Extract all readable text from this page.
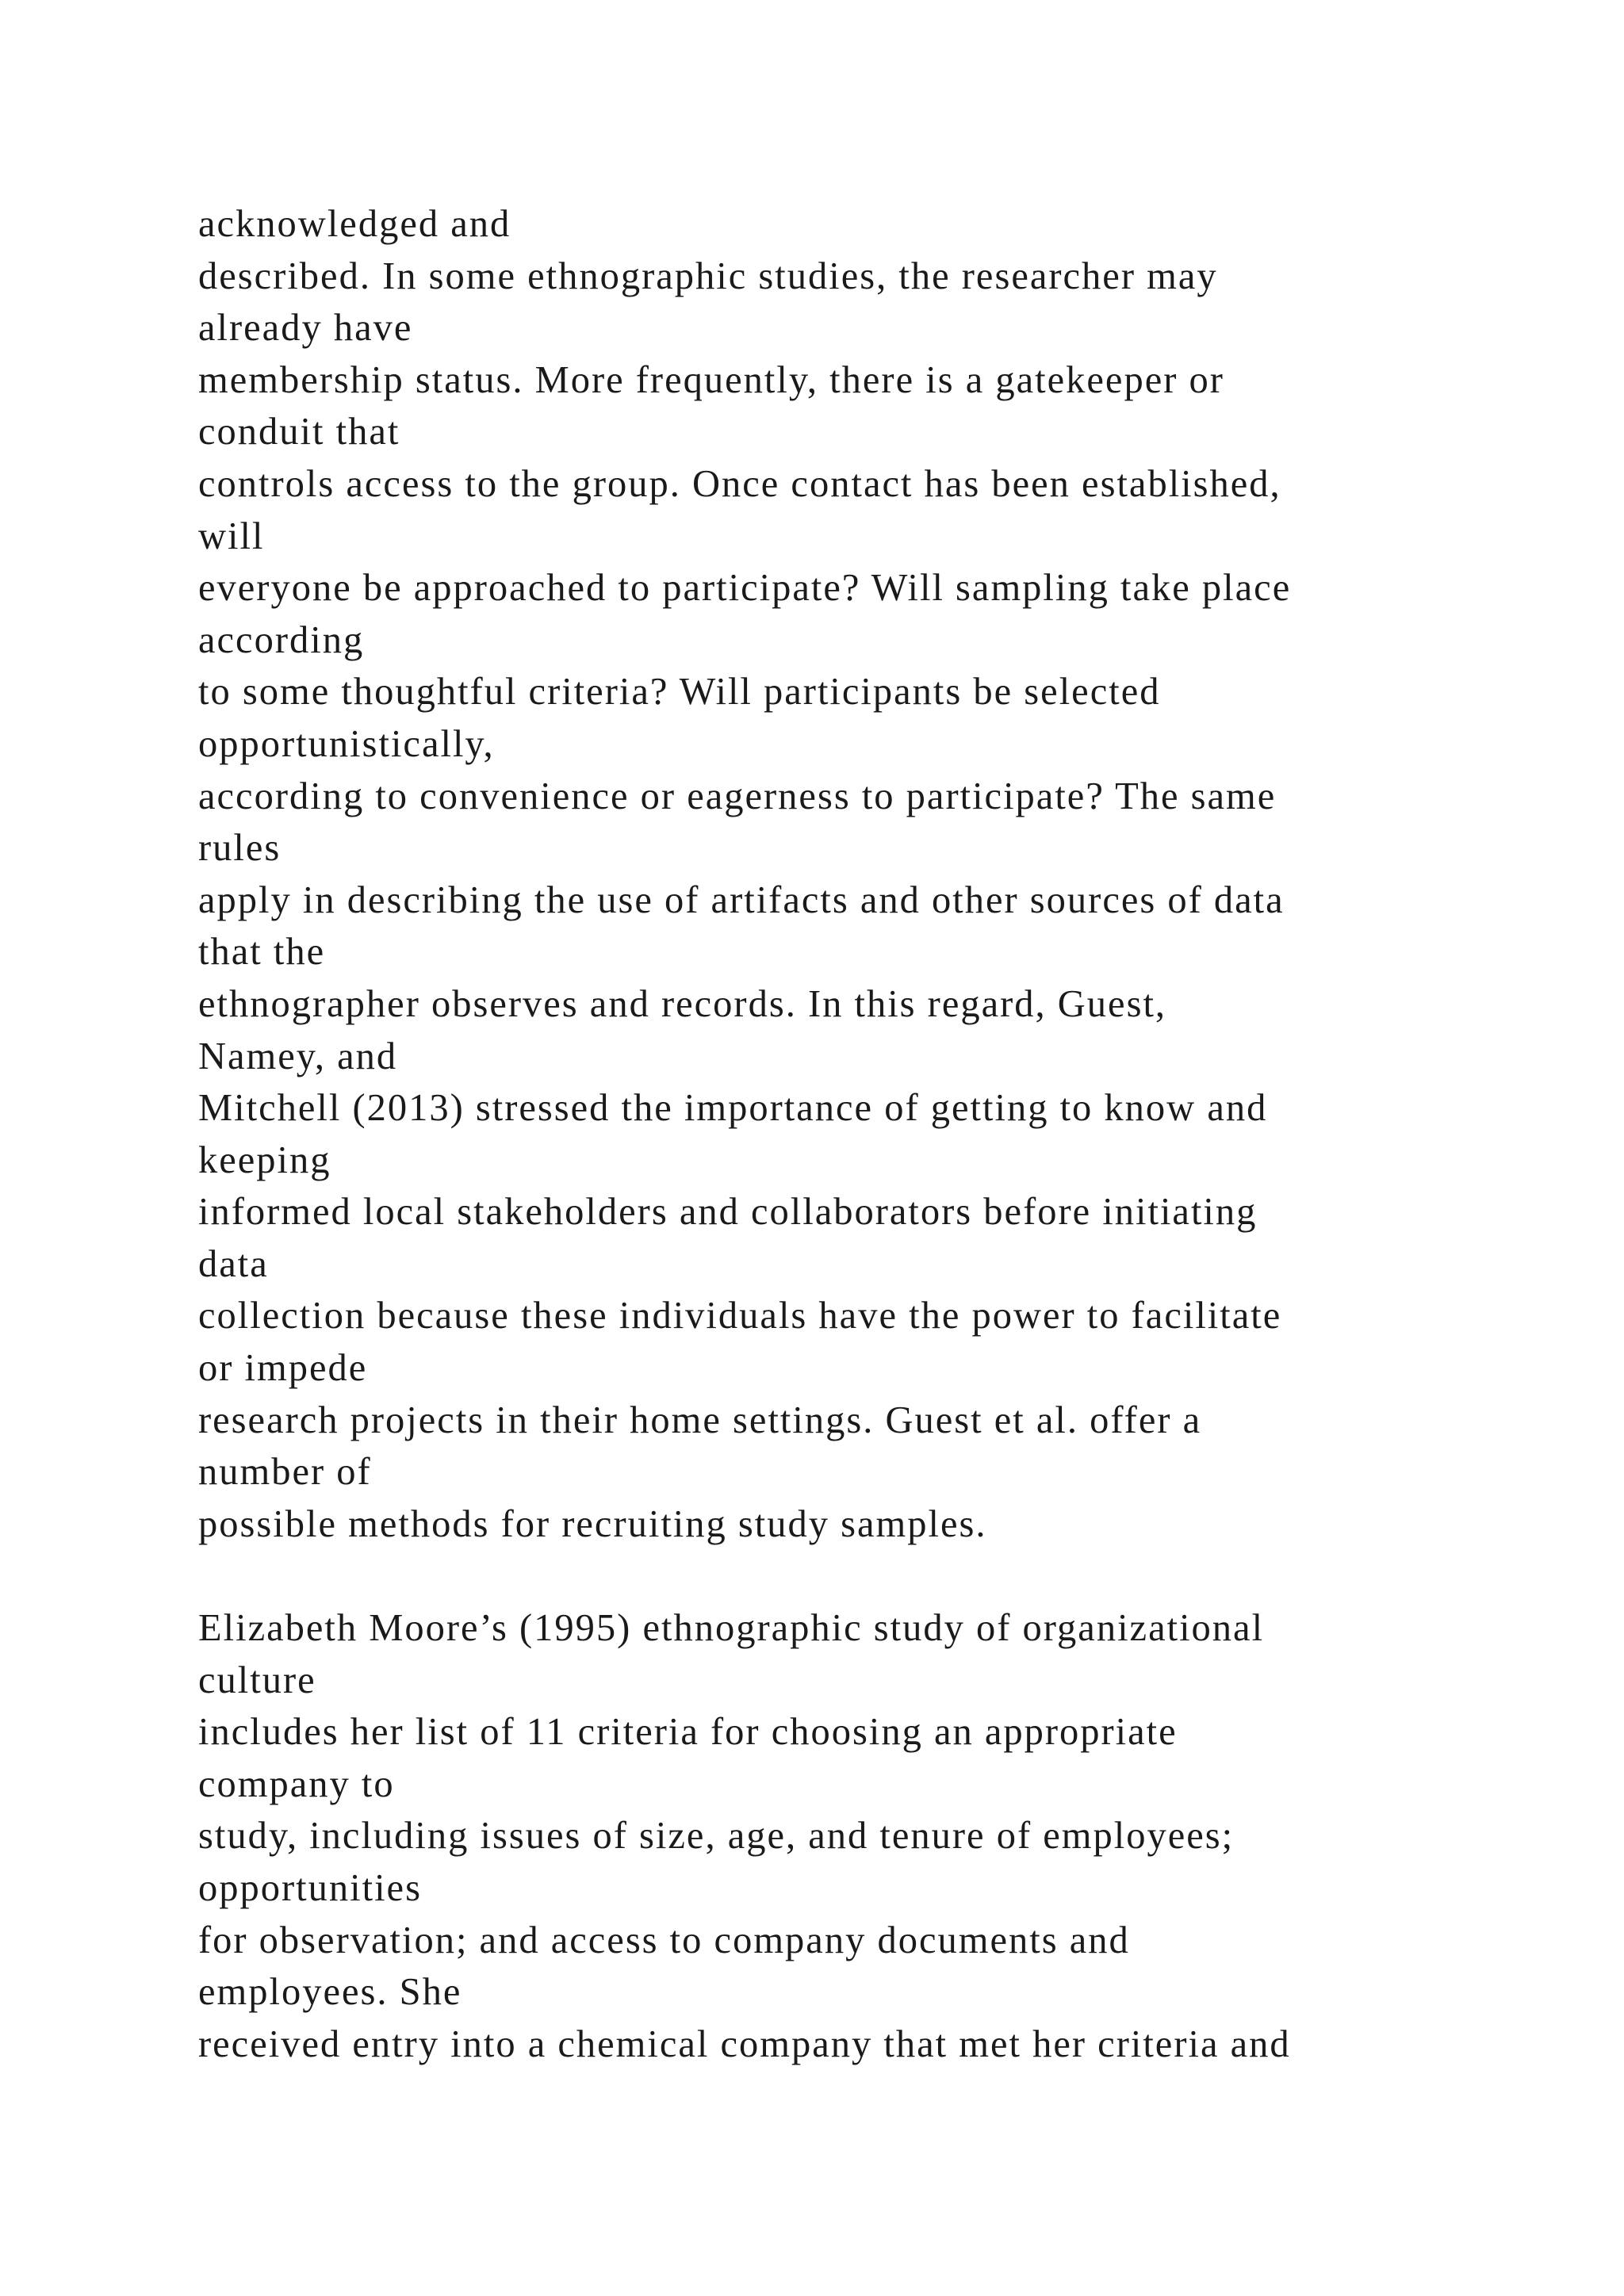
acknowledged and
described. In some ethnographic studies, the researcher may
already have
membership status. More frequently, there is a gatekeeper or
conduit that
controls access to the group. Once contact has been established,
will
everyone be approached to participate? Will sampling take place
according
to some thoughtful criteria? Will participants be selected
opportunistically,
according to convenience or eagerness to participate? The same
rules
apply in describing the use of artifacts and other sources of data
that the
ethnographer observes and records. In this regard, Guest,
Namey, and
Mitchell (2013) stressed the importance of getting to know and
keeping
informed local stakeholders and collaborators before initiating
data
collection because these individuals have the power to facilitate
or impede
research projects in their home settings. Guest et al. offer a
number of
possible methods for recruiting study samples.
Elizabeth Moore’s (1995) ethnographic study of organizational
culture
includes her list of 11 criteria for choosing an appropriate
company to
study, including issues of size, age, and tenure of employees;
opportunities
for observation; and access to company documents and
employees. She
received entry into a chemical company that met her criteria and
